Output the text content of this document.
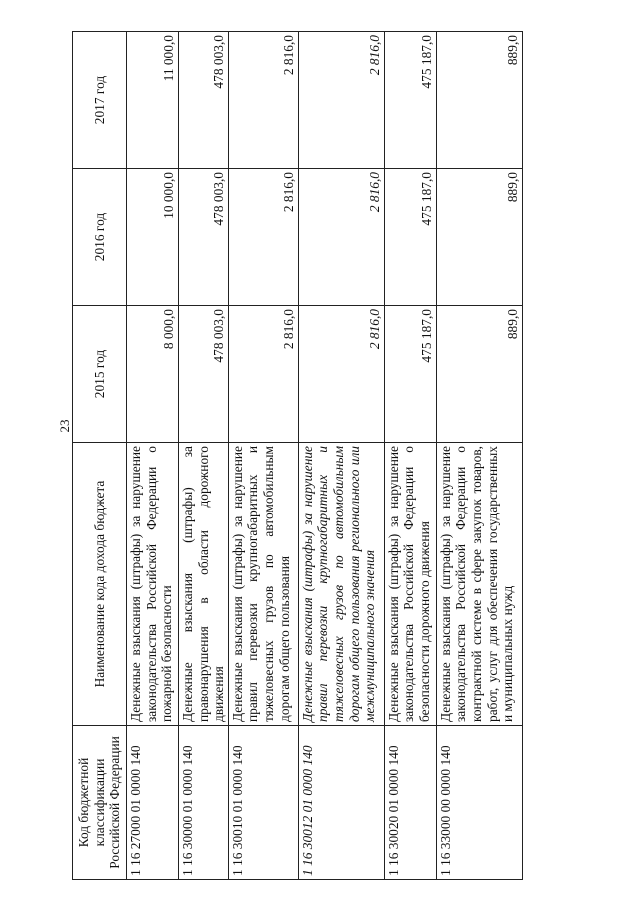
23
Код бюджетной классификации Российской Федерации	Наименование кода дохода бюджета	2015 год	2016 год	2017 год
1 16 27000 01 0000 140	Денежные взыскания (штрафы) за нарушение законодательства Российской Федерации о пожарной безопасности	8 000,0	10 000,0	11 000,0
1 16 30000 01 0000 140	Денежные взыскания (штрафы) за правонарушения в области дорожного движения	478 003,0	478 003,0	478 003,0
1 16 30010 01 0000 140	Денежные взыскания (штрафы) за нарушение правил перевозки крупногабаритных и тяжеловесных грузов по автомобильным дорогам общего пользования	2 816,0	2 816,0	2 816,0
1 16 30012 01 0000 140	Денежные взыскания (штрафы) за нарушение правил перевозки крупногабаритных и тяжеловесных грузов по автомобильным дорогам общего пользования регионального или межмуниципального значения	2 816,0	2 816,0	2 816,0
1 16 30020 01 0000 140	Денежные взыскания (штрафы) за нарушение законодательства Российской Федерации о безопасности дорожного движения	475 187,0	475 187,0	475 187,0
1 16 33000 00 0000 140	Денежные взыскания (штрафы) за нарушение законодательства Российской Федерации о контрактной системе в сфере закупок товаров, работ, услуг для обеспечения государственных и муниципальных нужд	889,0	889,0	889,0
